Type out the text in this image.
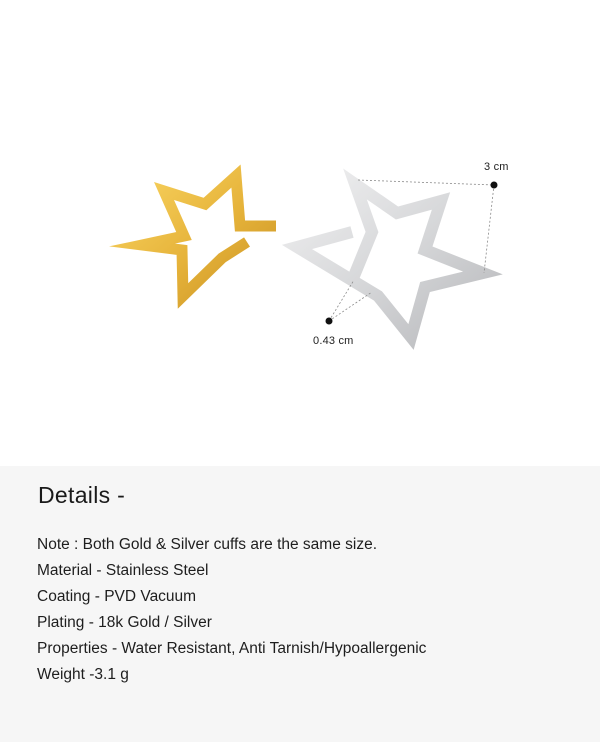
3 cm
0.43 cm
Details -
Note : Both Gold & Silver cuffs are the same size.
Material - Stainless Steel
Coating - PVD Vacuum
Plating - 18k Gold / Silver
Properties - Water Resistant, Anti Tarnish/Hypoallergenic
Weight -3.1 g
